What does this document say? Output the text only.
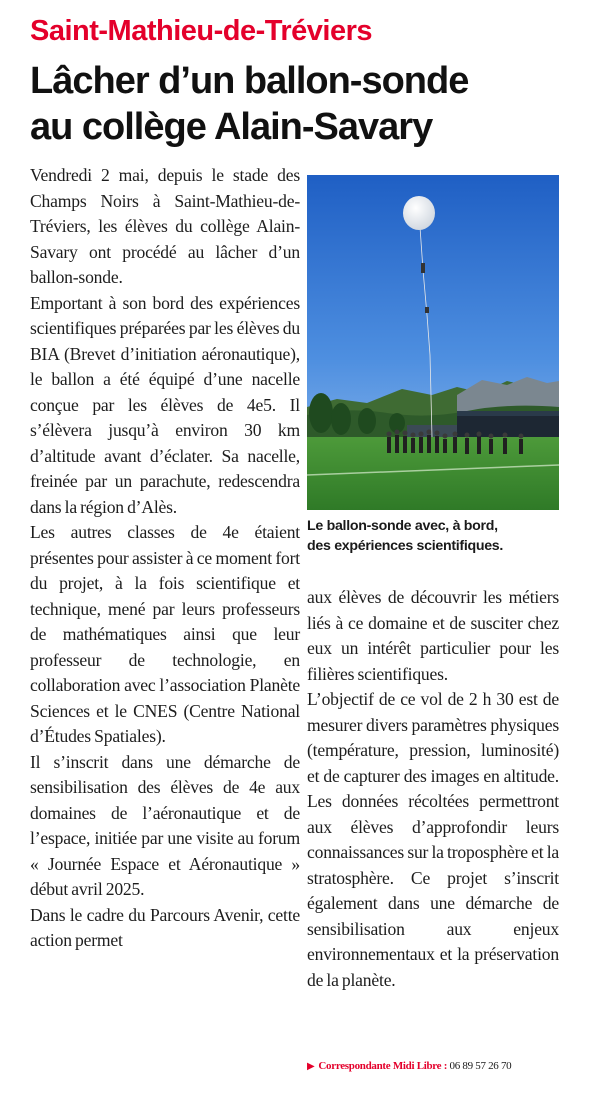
Saint-Mathieu-de-Tréviers
Lâcher d’un ballon-sonde
au collège Alain-Savary

Vendredi 2 mai, depuis le stade des Champs Noirs à Saint-Mathieu-de-Tréviers, les élèves du collège Alain-Savary ont procédé au lâcher d’un ballon-sonde.

Emportant à son bord des expériences scientifiques préparées par les élèves du BIA (Brevet d’initiation aéronautique), le ballon a été équipé d’une nacelle conçue par les élèves de 4e5. Il s’élèvera jusqu’à environ 30 km d’altitude avant d’éclater. Sa nacelle, freinée par un parachute, redescendra dans la région d’Alès.

Les autres classes de 4e étaient présentes pour assister à ce moment fort du projet, à la fois scientifique et technique, mené par leurs professeurs de mathématiques ainsi que leur professeur de technologie, en collaboration avec l’association Planète Sciences et le CNES (Centre National d’Études Spatiales).

Il s’inscrit dans une démarche de sensibilisation des élèves de 4e aux domaines de l’aéronautique et de l’espace, initiée par une visite au forum « Journée Espace et Aéronautique » début avril 2025.

Dans le cadre du Parcours Avenir, cette action permet

Le ballon-sonde avec, à bord,
des expériences scientifiques.

aux élèves de découvrir les métiers liés à ce domaine et de susciter chez eux un intérêt particulier pour les filières scientifiques.

L’objectif de ce vol de 2 h 30 est de mesurer divers paramètres physiques (température, pression, luminosité) et de capturer des images en altitude. Les données récoltées permettront aux élèves d’approfondir leurs connaissances sur la troposphère et la stratosphère. Ce projet s’inscrit également dans une démarche de sensibilisation aux enjeux environnementaux et la préservation de la planète.

▶ Correspondante Midi Libre : 06 89 57 26 70
